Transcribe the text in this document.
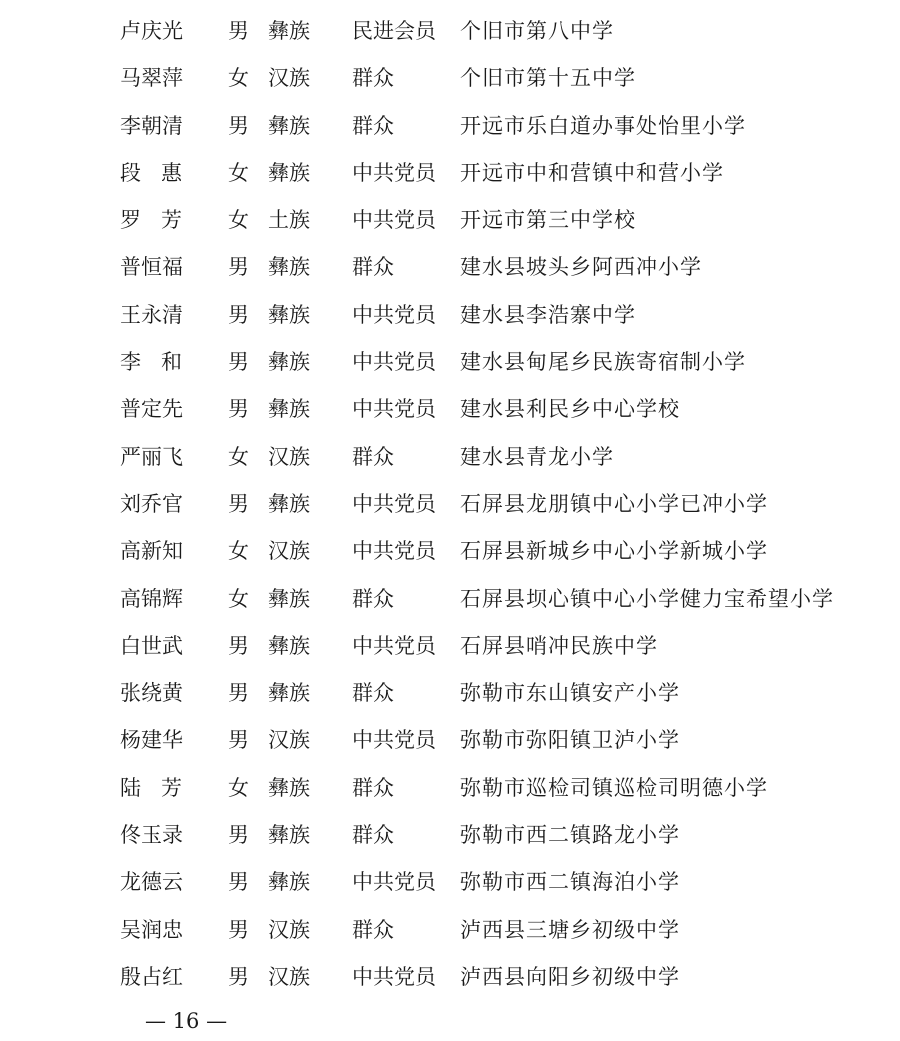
卢庆光	男 彝族	民进会员	个旧市第八中学
马翠萍	女 汉族	群众	个旧市第十五中学
李朝清	男 彝族	群众	开远市乐白道办事处怡里小学
段惠 女 彝族	中共党员	开远市中和营镇中和营小学
罗芳 女 土族	中共党员	开远市第三中学校
普恒福	男 彝族	群众	建水县坡头乡阿西冲小学
王永清	男 彝族	中共党员	建水县李浩寨中学
李和 男 彝族	中共党员	建水县甸尾乡民族寄宿制小学
普定先	男 彝族	中共党员	建水县利民乡中心学校
严丽飞	女 汉族	群众	建水县青龙小学
刘乔官	男 彝族	中共党员	石屏县龙朋镇中心小学已冲小学
高新知	女 汉族	中共党员	石屏县新城乡中心小学新城小学
高锦辉	女 彝族	群众	石屏县坝心镇中心小学健力宝希望小学
白世武	男 彝族	中共党员	石屏县哨冲民族中学
张绕黄	男 彝族	群众	弥勒市东山镇安产小学
杨建华	男 汉族	中共党员	弥勒市弥阳镇卫泸小学
陆芳 女 彝族	群众	弥勒市巡检司镇巡检司明德小学
佟玉录	男 彝族	群众	弥勒市西二镇路龙小学
龙德云	男 彝族	中共党员	弥勒市西二镇海泊小学
吴润忠	男 汉族	群众	泸西县三塘乡初级中学
殷占红	男 汉族	中共党员	泸西县向阳乡初级中学
— 16 —
